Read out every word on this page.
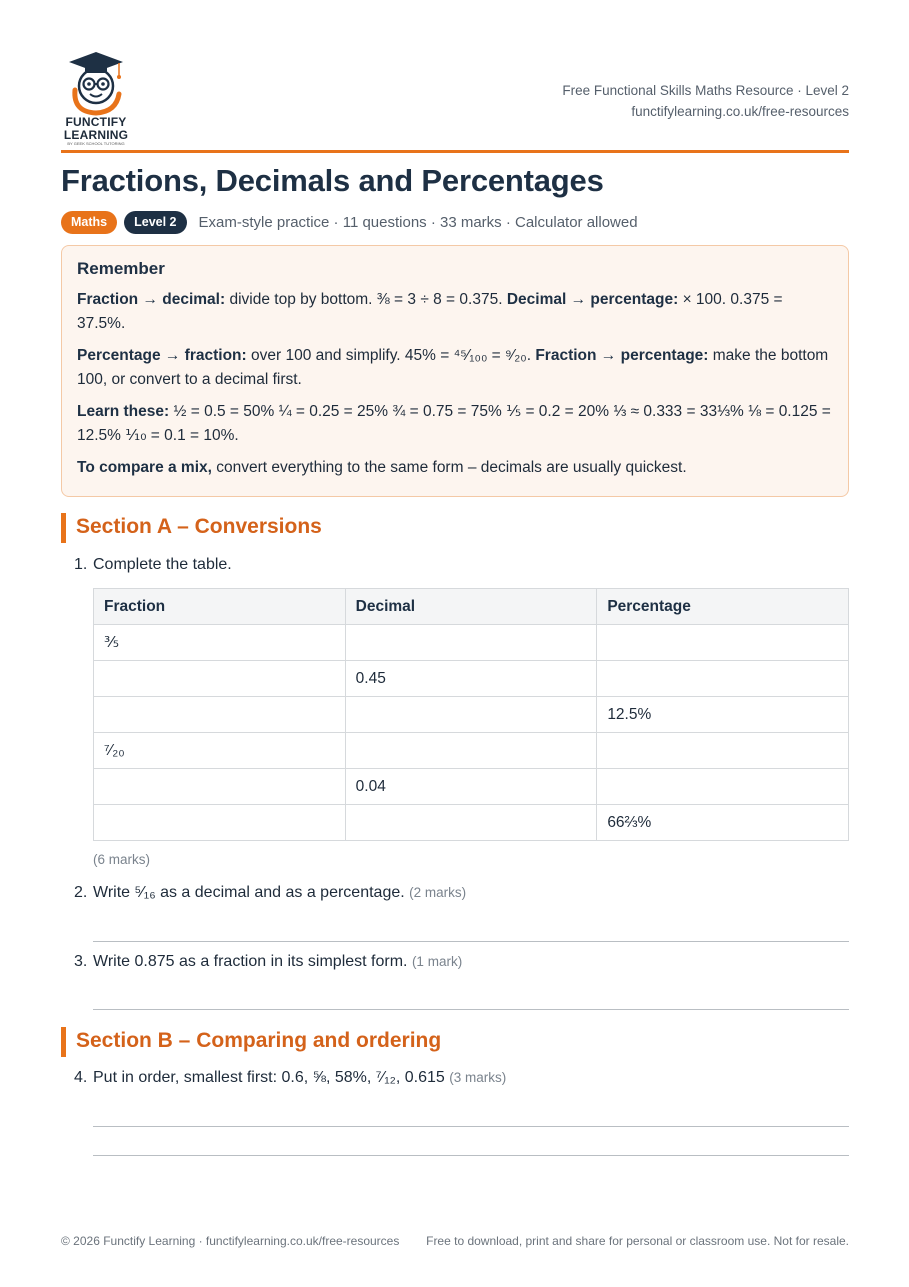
FUNCTIFY
LEARNING
BY GEEK SCHOOL TUTORING
Free Functional Skills Maths Resource · Level 2
functifylearning.co.uk/free-resources
Fractions, Decimals and Percentages
Maths	Level 2	Exam-style practice · 11 questions · 33 marks · Calculator allowed
Remember

Fraction → decimal: divide top by bottom. ⅜ = 3 ÷ 8 = 0.375. Decimal → percentage: × 100. 0.375 = 37.5%.

Percentage → fraction: over 100 and simplify. 45% = ⁴⁵⁄₁₀₀ = ⁹⁄₂₀. Fraction → percentage: make the bottom 100, or convert to a decimal first.

Learn these: ½ = 0.5 = 50% ¼ = 0.25 = 25% ¾ = 0.75 = 75% ⅕ = 0.2 = 20% ⅓ ≈ 0.333 = 33⅓% ⅛ = 0.125 = 12.5% ⅒ = 0.1 = 10%.

To compare a mix, convert everything to the same form – decimals are usually quickest.

Section A – Conversions
1. Complete the table.
Fraction	Decimal	Percentage
⅗		
	0.45	
		12.5%
⁷⁄₂₀		
	0.04	
		66⅔%
(6 marks)
2. Write ⁵⁄₁₆ as a decimal and as a percentage. (2 marks)
3. Write 0.875 as a fraction in its simplest form. (1 mark)
Section B – Comparing and ordering
4. Put in order, smallest first: 0.6, ⅝, 58%, ⁷⁄₁₂, 0.615 (3 marks)
© 2026 Functify Learning · functifylearning.co.uk/free-resources	Free to download, print and share for personal or classroom use. Not for resale.
